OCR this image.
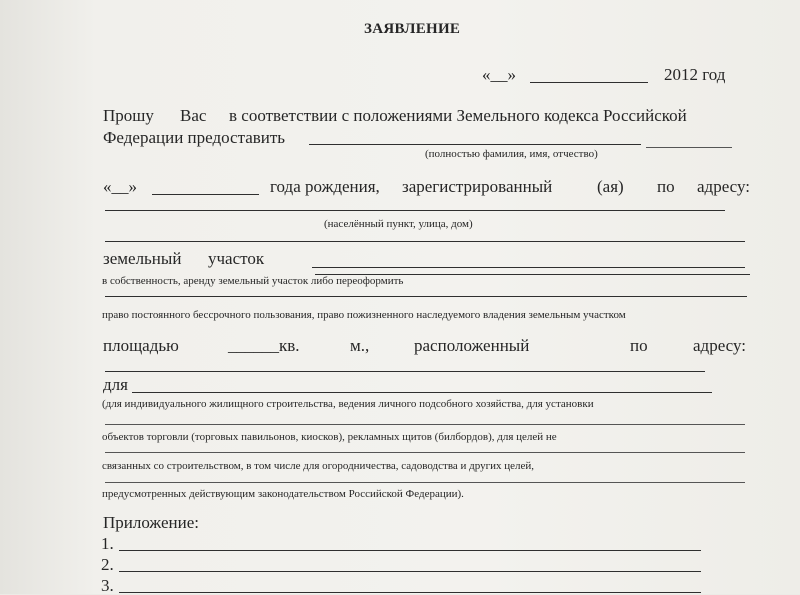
ЗАЯВЛЕНИЕ
«__»	2012 год
Прошу Вас в соответствии с положениями Земельного кодекса Российской
Федерации предоставить
(полностью фамилия, имя, отчество)
«__»	года рождения, зарегистрированный	(ая) по адресу:
(населённый пункт, улица, дом)
земельный участок
в собственность, аренду земельный участок либо переоформить
право постоянного бессрочного пользования, право пожизненного наследуемого владения земельным участком
площадью	______кв.	м.,	расположенный	по	адресу:
для
(для индивидуального жилищного строительства, ведения личного подсобного хозяйства, для установки
объектов торговли (торговых павильонов, киосков), рекламных щитов (билбордов), для целей не
связанных со строительством, в том числе для огородничества, садоводства и других целей,
предусмотренных действующим законодательством Российской Федерации).
Приложение:
1.
2.
3.
